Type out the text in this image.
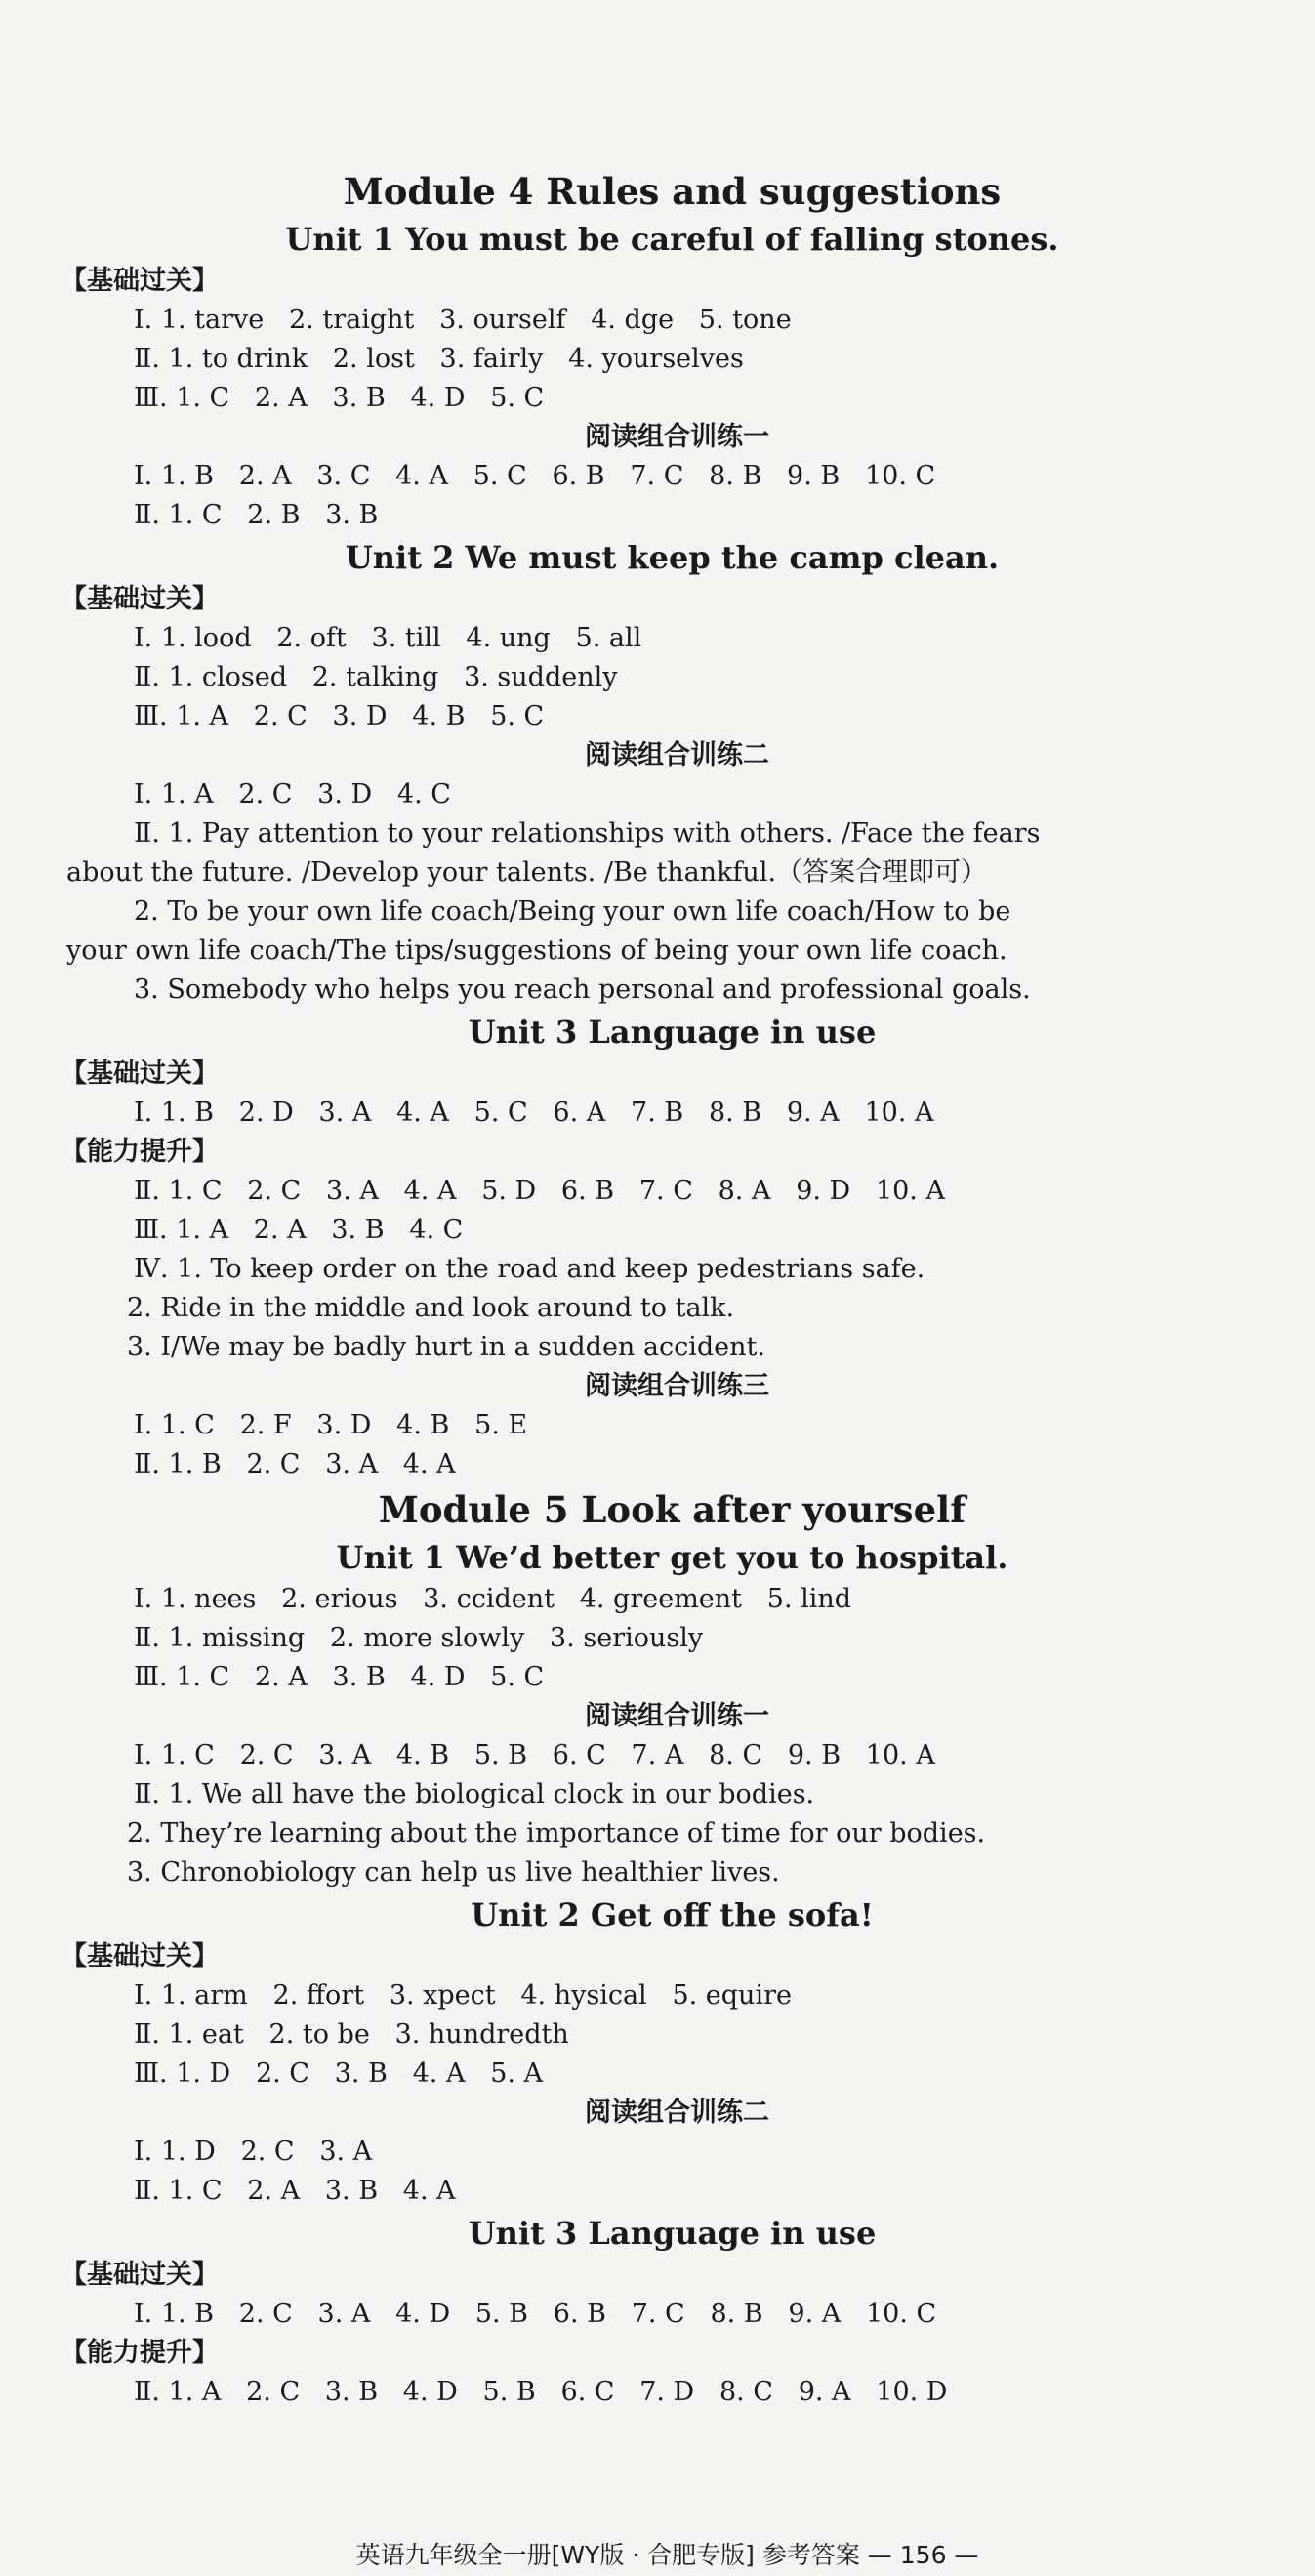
Module 4 Rules and suggestions
Unit 1 You must be careful of falling stones.
【基础过关】
Ⅰ. 1. tarve   2. traight   3. ourself   4. dge   5. tone
Ⅱ. 1. to drink   2. lost   3. fairly   4. yourselves
Ⅲ. 1. C   2. A   3. B   4. D   5. C
阅读组合训练一
Ⅰ. 1. B   2. A   3. C   4. A   5. C   6. B   7. C   8. B   9. B   10. C
Ⅱ. 1. C   2. B   3. B
Unit 2 We must keep the camp clean.
【基础过关】
Ⅰ. 1. lood   2. oft   3. till   4. ung   5. all
Ⅱ. 1. closed   2. talking   3. suddenly
Ⅲ. 1. A   2. C   3. D   4. B   5. C
阅读组合训练二
Ⅰ. 1. A   2. C   3. D   4. C
Ⅱ. 1. Pay attention to your relationships with others. /Face the fears
about the future. /Develop your talents. /Be thankful.（答案合理即可）
2. To be your own life coach/Being your own life coach/How to be
your own life coach/The tips/suggestions of being your own life coach.
3. Somebody who helps you reach personal and professional goals.
Unit 3 Language in use
【基础过关】
Ⅰ. 1. B   2. D   3. A   4. A   5. C   6. A   7. B   8. B   9. A   10. A
【能力提升】
Ⅱ. 1. C   2. C   3. A   4. A   5. D   6. B   7. C   8. A   9. D   10. A
Ⅲ. 1. A   2. A   3. B   4. C
Ⅳ. 1. To keep order on the road and keep pedestrians safe.
2. Ride in the middle and look around to talk.
3. I/We may be badly hurt in a sudden accident.
阅读组合训练三
Ⅰ. 1. C   2. F   3. D   4. B   5. E
Ⅱ. 1. B   2. C   3. A   4. A
Module 5 Look after yourself
Unit 1 We’d better get you to hospital.
Ⅰ. 1. nees   2. erious   3. ccident   4. greement   5. lind
Ⅱ. 1. missing   2. more slowly   3. seriously
Ⅲ. 1. C   2. A   3. B   4. D   5. C
阅读组合训练一
Ⅰ. 1. C   2. C   3. A   4. B   5. B   6. C   7. A   8. C   9. B   10. A
Ⅱ. 1. We all have the biological clock in our bodies.
2. They’re learning about the importance of time for our bodies.
3. Chronobiology can help us live healthier lives.
Unit 2 Get off the sofa!
【基础过关】
Ⅰ. 1. arm   2. ffort   3. xpect   4. hysical   5. equire
Ⅱ. 1. eat   2. to be   3. hundredth
Ⅲ. 1. D   2. C   3. B   4. A   5. A
阅读组合训练二
Ⅰ. 1. D   2. C   3. A
Ⅱ. 1. C   2. A   3. B   4. A
Unit 3 Language in use
【基础过关】
Ⅰ. 1. B   2. C   3. A   4. D   5. B   6. B   7. C   8. B   9. A   10. C
【能力提升】
Ⅱ. 1. A   2. C   3. B   4. D   5. B   6. C   7. D   8. C   9. A   10. D
英语九年级全一册[WY版 · 合肥专版] 参考答案 — 156 —
